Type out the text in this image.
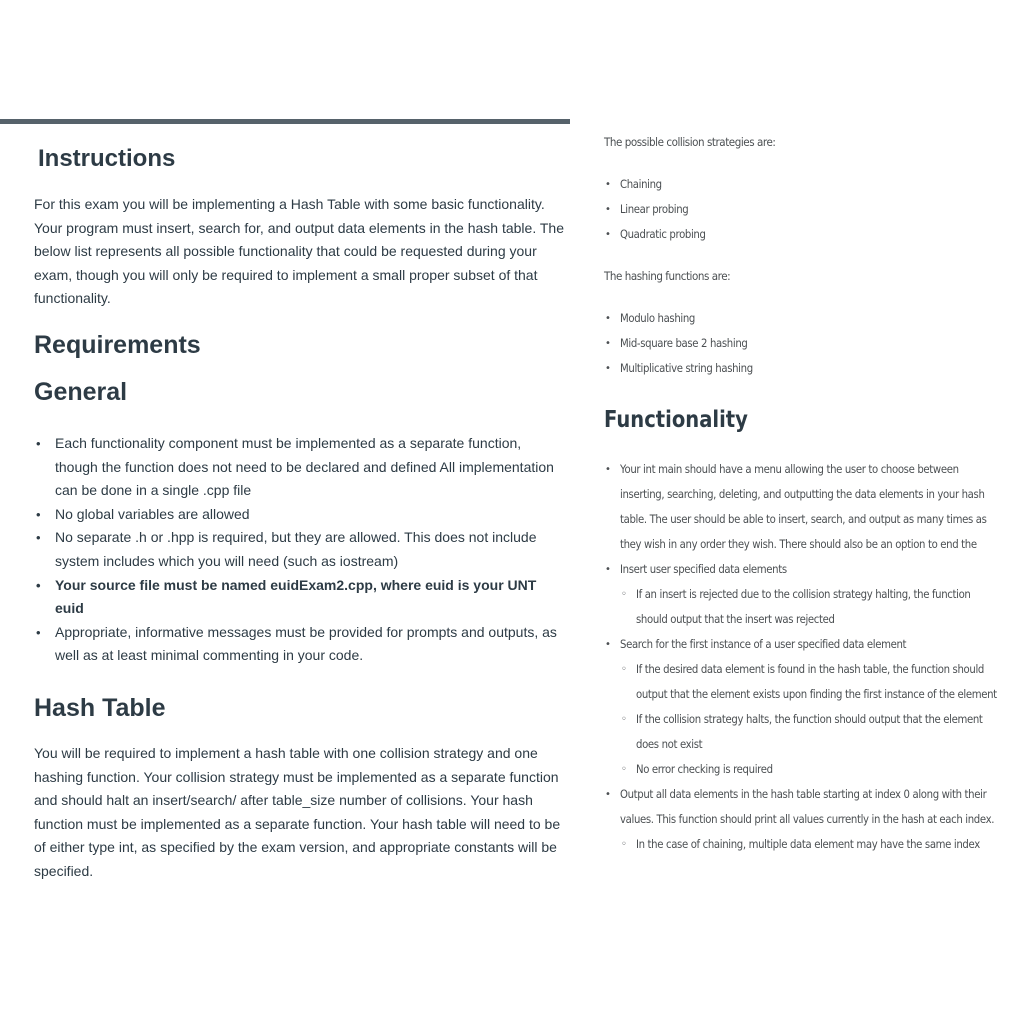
Instructions

For this exam you will be implementing a Hash Table with some basic functionality. Your program must insert, search for, and output data elements in the hash table. The below list represents all possible functionality that could be requested during your exam, though you will only be required to implement a small proper subset of that functionality.

Requirements
General
• Each functionality component must be implemented as a separate function, though the function does not need to be declared and defined All implementation can be done in a single .cpp file
• No global variables are allowed
• No separate .h or .hpp is required, but they are allowed. This does not include system includes which you will need (such as iostream)
• Your source file must be named euidExam2.cpp, where euid is your UNT euid
• Appropriate, informative messages must be provided for prompts and outputs, as well as at least minimal commenting in your code.
Hash Table

You will be required to implement a hash table with one collision strategy and one hashing function. Your collision strategy must be implemented as a separate function and should halt an insert/search/ after table_size number of collisions. Your hash function must be implemented as a separate function. Your hash table will need to be of either type int, as specified by the exam version, and appropriate constants will be specified.

The possible collision strategies are:

• Chaining
• Linear probing
• Quadratic probing

The hashing functions are:

• Modulo hashing
• Mid-square base 2 hashing
• Multiplicative string hashing
Functionality
• Your int main should have a menu allowing the user to choose between inserting, searching, deleting, and outputting the data elements in your hash table. The user should be able to insert, search, and output as many times as they wish in any order they wish. There should also be an option to end the
• Insert user specified data elements
◦ If an insert is rejected due to the collision strategy halting, the function should output that the insert was rejected
• Search for the first instance of a user specified data element
◦ If the desired data element is found in the hash table, the function should output that the element exists upon finding the first instance of the element
◦ If the collision strategy halts, the function should output that the element does not exist
◦ No error checking is required
• Output all data elements in the hash table starting at index 0 along with their values. This function should print all values currently in the hash at each index.
◦ In the case of chaining, multiple data element may have the same index
